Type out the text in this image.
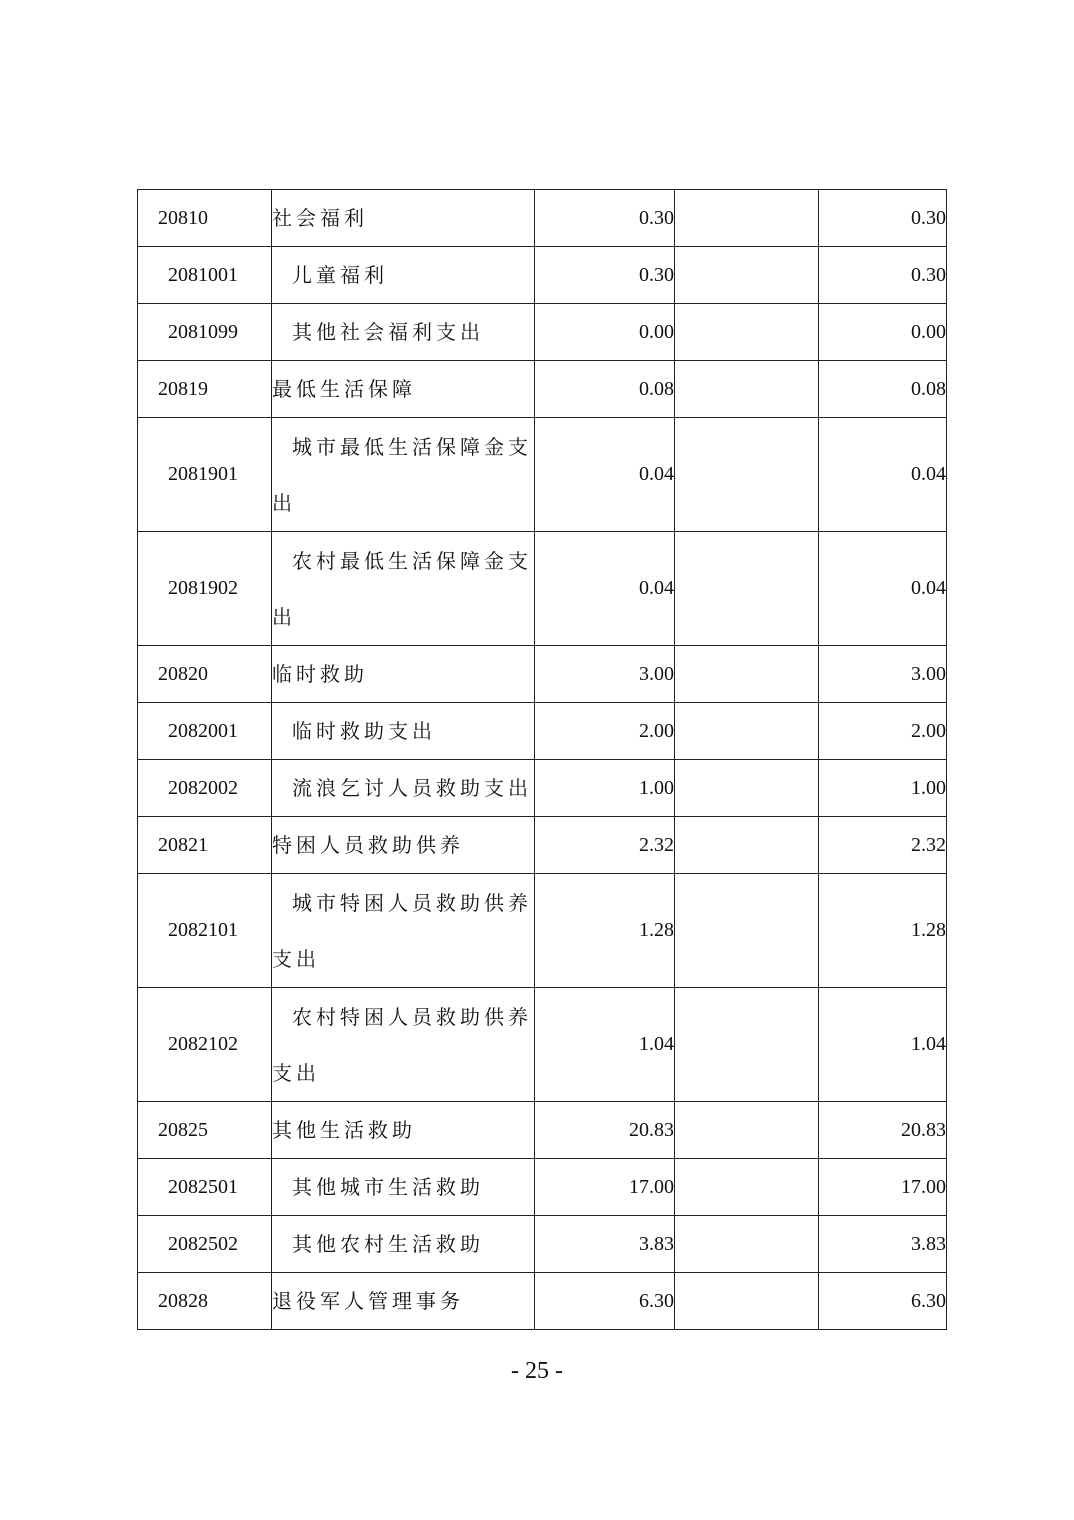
20810	社会福利	0.30		0.30
2081001	儿童福利	0.30		0.30
2081099	其他社会福利支出	0.00		0.00
20819	最低生活保障	0.08		0.08
2081901	城市最低生活保障金支出	0.04		0.04
2081902	农村最低生活保障金支出	0.04		0.04
20820	临时救助	3.00		3.00
2082001	临时救助支出	2.00		2.00
2082002	流浪乞讨人员救助支出	1.00		1.00
20821	特困人员救助供养	2.32		2.32
2082101	城市特困人员救助供养支出	1.28		1.28
2082102	农村特困人员救助供养支出	1.04		1.04
20825	其他生活救助	20.83		20.83
2082501	其他城市生活救助	17.00		17.00
2082502	其他农村生活救助	3.83		3.83
20828	退役军人管理事务	6.30		6.30
- 25 -
